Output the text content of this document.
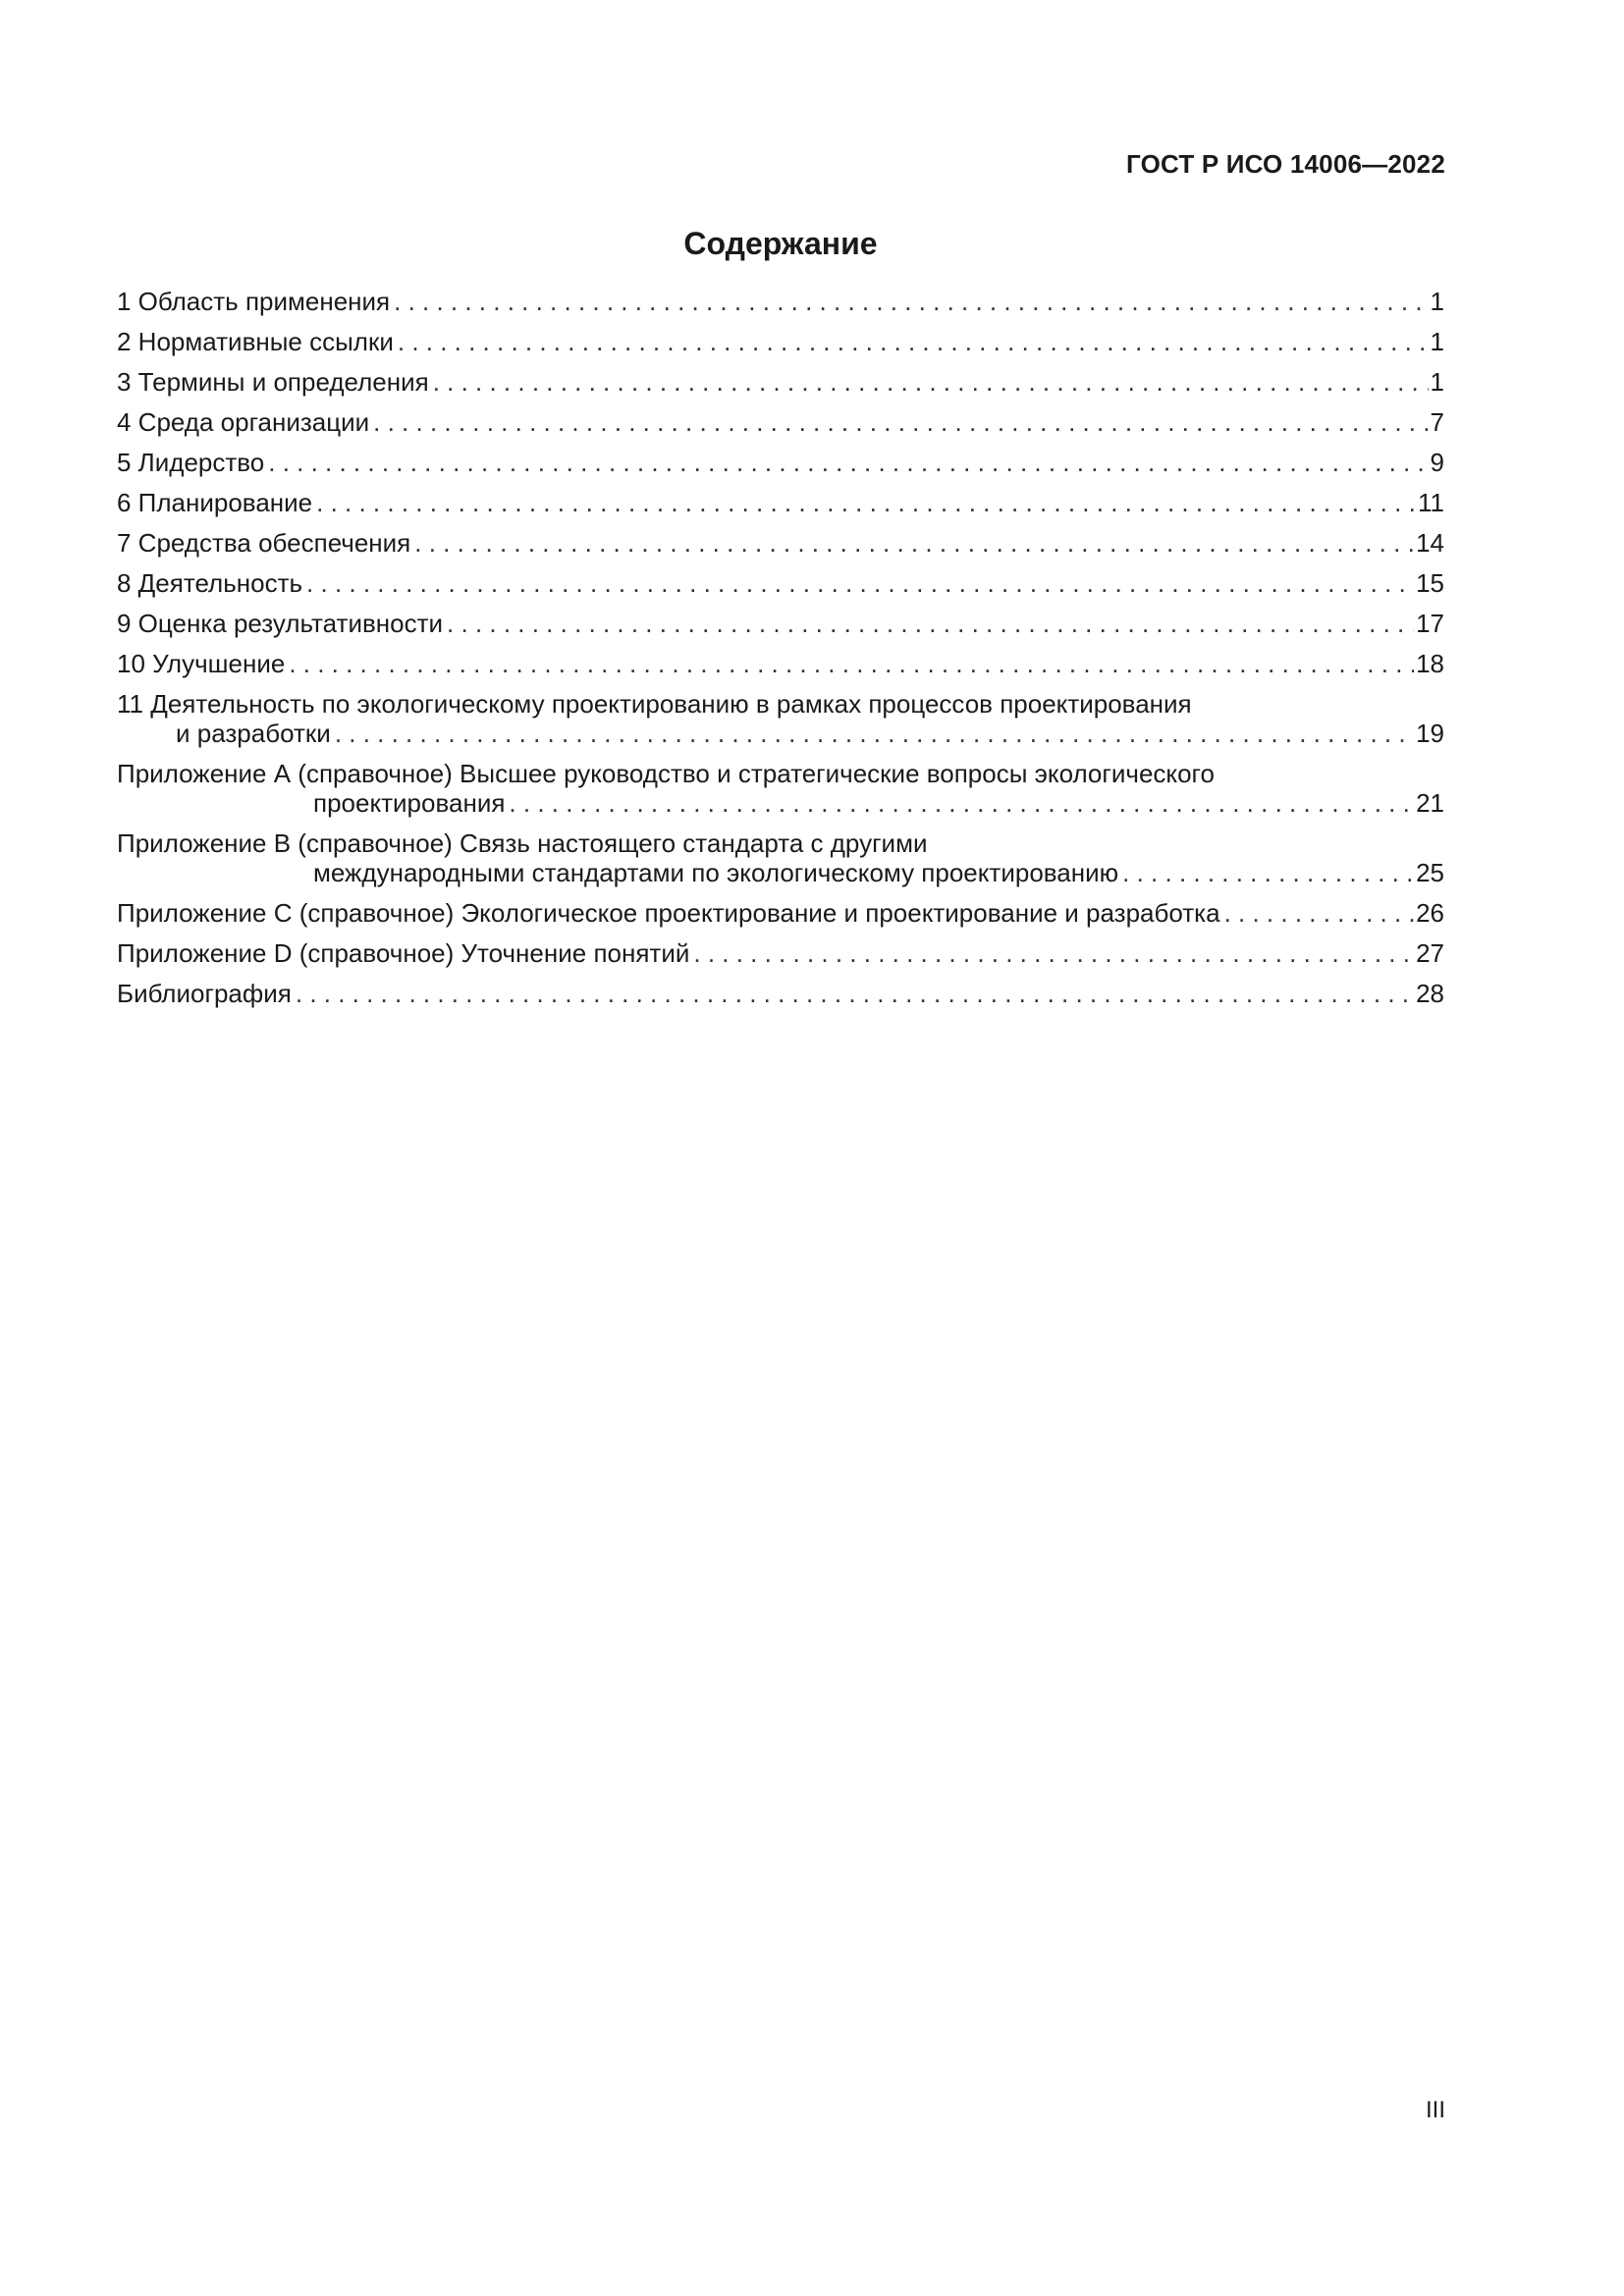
ГОСТ Р ИСО 14006—2022
Содержание
1 Область применения . . .	1
2 Нормативные ссылки . . .	1
3 Термины и определения . . .	1
4 Среда организации . . .	7
5 Лидерство . . .	9
6 Планирование . . .	11
7 Средства обеспечения . . .	14
8 Деятельность . . .	15
9 Оценка результативности . . .	17
10 Улучшение . . .	18
11 Деятельность по экологическому проектированию в рамках процессов проектирования
и разработки . . .	19
Приложение А (справочное) Высшее руководство и стратегические вопросы экологического
проектирования . . .	21
Приложение В (справочное) Связь настоящего стандарта с другими
международными стандартами по экологическому проектированию . . .	25
Приложение С (справочное) Экологическое проектирование и проектирование и разработка . . .	26
Приложение D (справочное) Уточнение понятий . . .	27
Библиография . . .	28
III
